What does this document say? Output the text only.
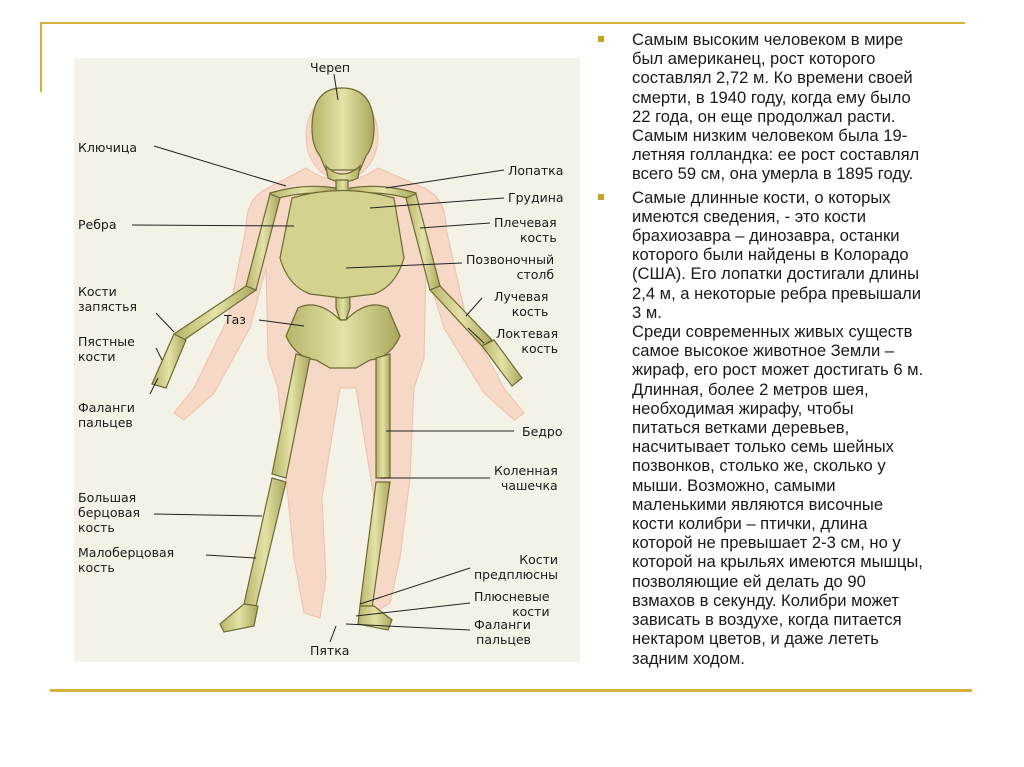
Череп
Ключица
Лопатка
Грудина
Ребра	Плечевая
кость
Позвоночный
столб
Кости
запястья
Лучевая
кость
Таз
Пястные
кости
Локтевая
кость
Фаланги
пальцев
Бедро
Коленная
чашечка
Большая
берцовая
кость
Малоберцовая
кость
Кости
предплюсны
Плюсневые
кости
Фаланги
пальцев
Пятка
Самым высоким человеком в мире
был американец, рост которого
составлял 2,72 м. Ко времени своей
смерти, в 1940 году, когда ему было
22 года, он еще продолжал расти.
Самым низким человеком была 19-
летняя голландка: ее рост составлял
всего 59 см, она умерла в 1895 году.
Самые длинные кости, о которых
имеются сведения, - это кости
брахиозавра – динозавра, останки
которого были найдены в Колорадо
(США). Его лопатки достигали длины
2,4 м, а некоторые ребра превышали
3 м.
Среди современных живых существ
самое высокое животное Земли –
жираф, его рост может достигать 6 м.
Длинная, более 2 метров шея,
необходимая жирафу, чтобы
питаться ветками деревьев,
насчитывает только семь шейных
позвонков, столько же, сколько у
мыши. Возможно, самыми
маленькими являются височные
кости колибри – птички, длина
которой не превышает 2-3 см, но у
которой на крыльях имеются мышцы,
позволяющие ей делать до 90
взмахов в секунду. Колибри может
зависать в воздухе, когда питается
нектаром цветов, и даже лететь
задним ходом.
